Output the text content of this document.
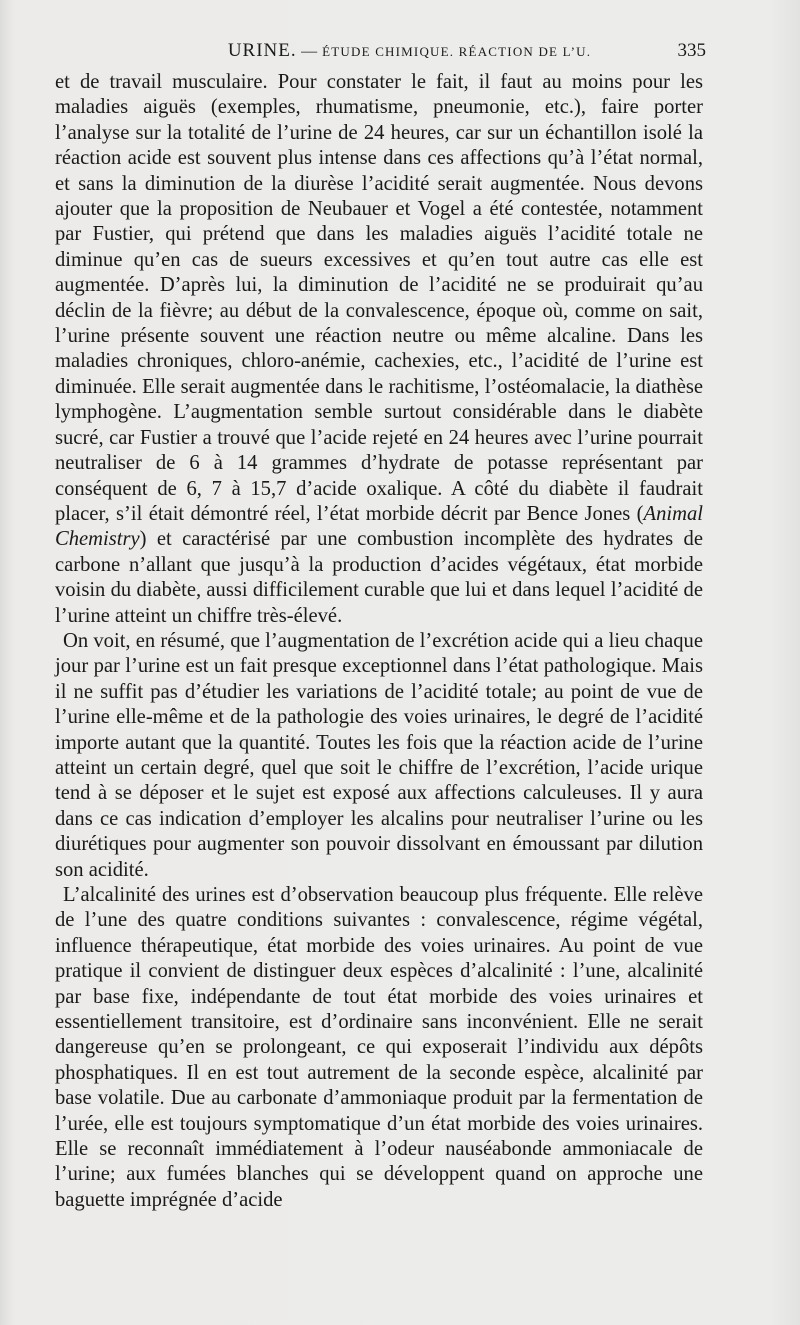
URINE. — ÉTUDE CHIMIQUE. RÉACTION DE L’U.	335

et de travail musculaire. Pour constater le fait, il faut au moins pour les maladies aiguës (exemples, rhumatisme, pneumonie, etc.), faire porter l’analyse sur la totalité de l’urine de 24 heures, car sur un échantillon isolé la réaction acide est souvent plus intense dans ces affections qu’à l’état normal, et sans la diminution de la diurèse l’acidité serait augmentée. Nous devons ajouter que la proposition de Neubauer et Vogel a été contestée, notamment par Fustier, qui prétend que dans les maladies aiguës l’acidité totale ne diminue qu’en cas de sueurs excessives et qu’en tout autre cas elle est augmentée. D’après lui, la diminution de l’acidité ne se produirait qu’au déclin de la fièvre; au début de la convalescence, époque où, comme on sait, l’urine présente souvent une réaction neutre ou même alcaline. Dans les maladies chroniques, chloro-anémie, cachexies, etc., l’acidité de l’urine est diminuée. Elle serait augmentée dans le rachitisme, l’ostéomalacie, la diathèse lymphogène. L’augmentation semble surtout considérable dans le diabète sucré, car Fustier a trouvé que l’acide rejeté en 24 heures avec l’urine pourrait neutraliser de 6 à 14 grammes d’hydrate de potasse représentant par conséquent de 6, 7 à 15,7 d’acide oxalique. A côté du diabète il faudrait placer, s’il était démontré réel, l’état morbide décrit par Bence Jones (Animal Chemistry) et caractérisé par une combustion incomplète des hydrates de carbone n’allant que jusqu’à la production d’acides végétaux, état morbide voisin du diabète, aussi difficilement curable que lui et dans lequel l’acidité de l’urine atteint un chiffre très-élevé.

On voit, en résumé, que l’augmentation de l’excrétion acide qui a lieu chaque jour par l’urine est un fait presque exceptionnel dans l’état pathologique. Mais il ne suffit pas d’étudier les variations de l’acidité totale; au point de vue de l’urine elle-même et de la pathologie des voies urinaires, le degré de l’acidité importe autant que la quantité. Toutes les fois que la réaction acide de l’urine atteint un certain degré, quel que soit le chiffre de l’excrétion, l’acide urique tend à se déposer et le sujet est exposé aux affections calculeuses. Il y aura dans ce cas indication d’employer les alcalins pour neutraliser l’urine ou les diurétiques pour augmenter son pouvoir dissolvant en émoussant par dilution son acidité.

L’alcalinité des urines est d’observation beaucoup plus fréquente. Elle relève de l’une des quatre conditions suivantes : convalescence, régime végétal, influence thérapeutique, état morbide des voies urinaires. Au point de vue pratique il convient de distinguer deux espèces d’alcalinité : l’une, alcalinité par base fixe, indépendante de tout état morbide des voies urinaires et essentiellement transitoire, est d’ordinaire sans inconvénient. Elle ne serait dangereuse qu’en se prolongeant, ce qui exposerait l’individu aux dépôts phosphatiques. Il en est tout autrement de la seconde espèce, alcalinité par base volatile. Due au carbonate d’ammoniaque produit par la fermentation de l’urée, elle est toujours symptomatique d’un état morbide des voies urinaires. Elle se reconnaît immédiatement à l’odeur nauséabonde ammoniacale de l’urine; aux fumées blanches qui se développent quand on approche une baguette imprégnée d’acide
